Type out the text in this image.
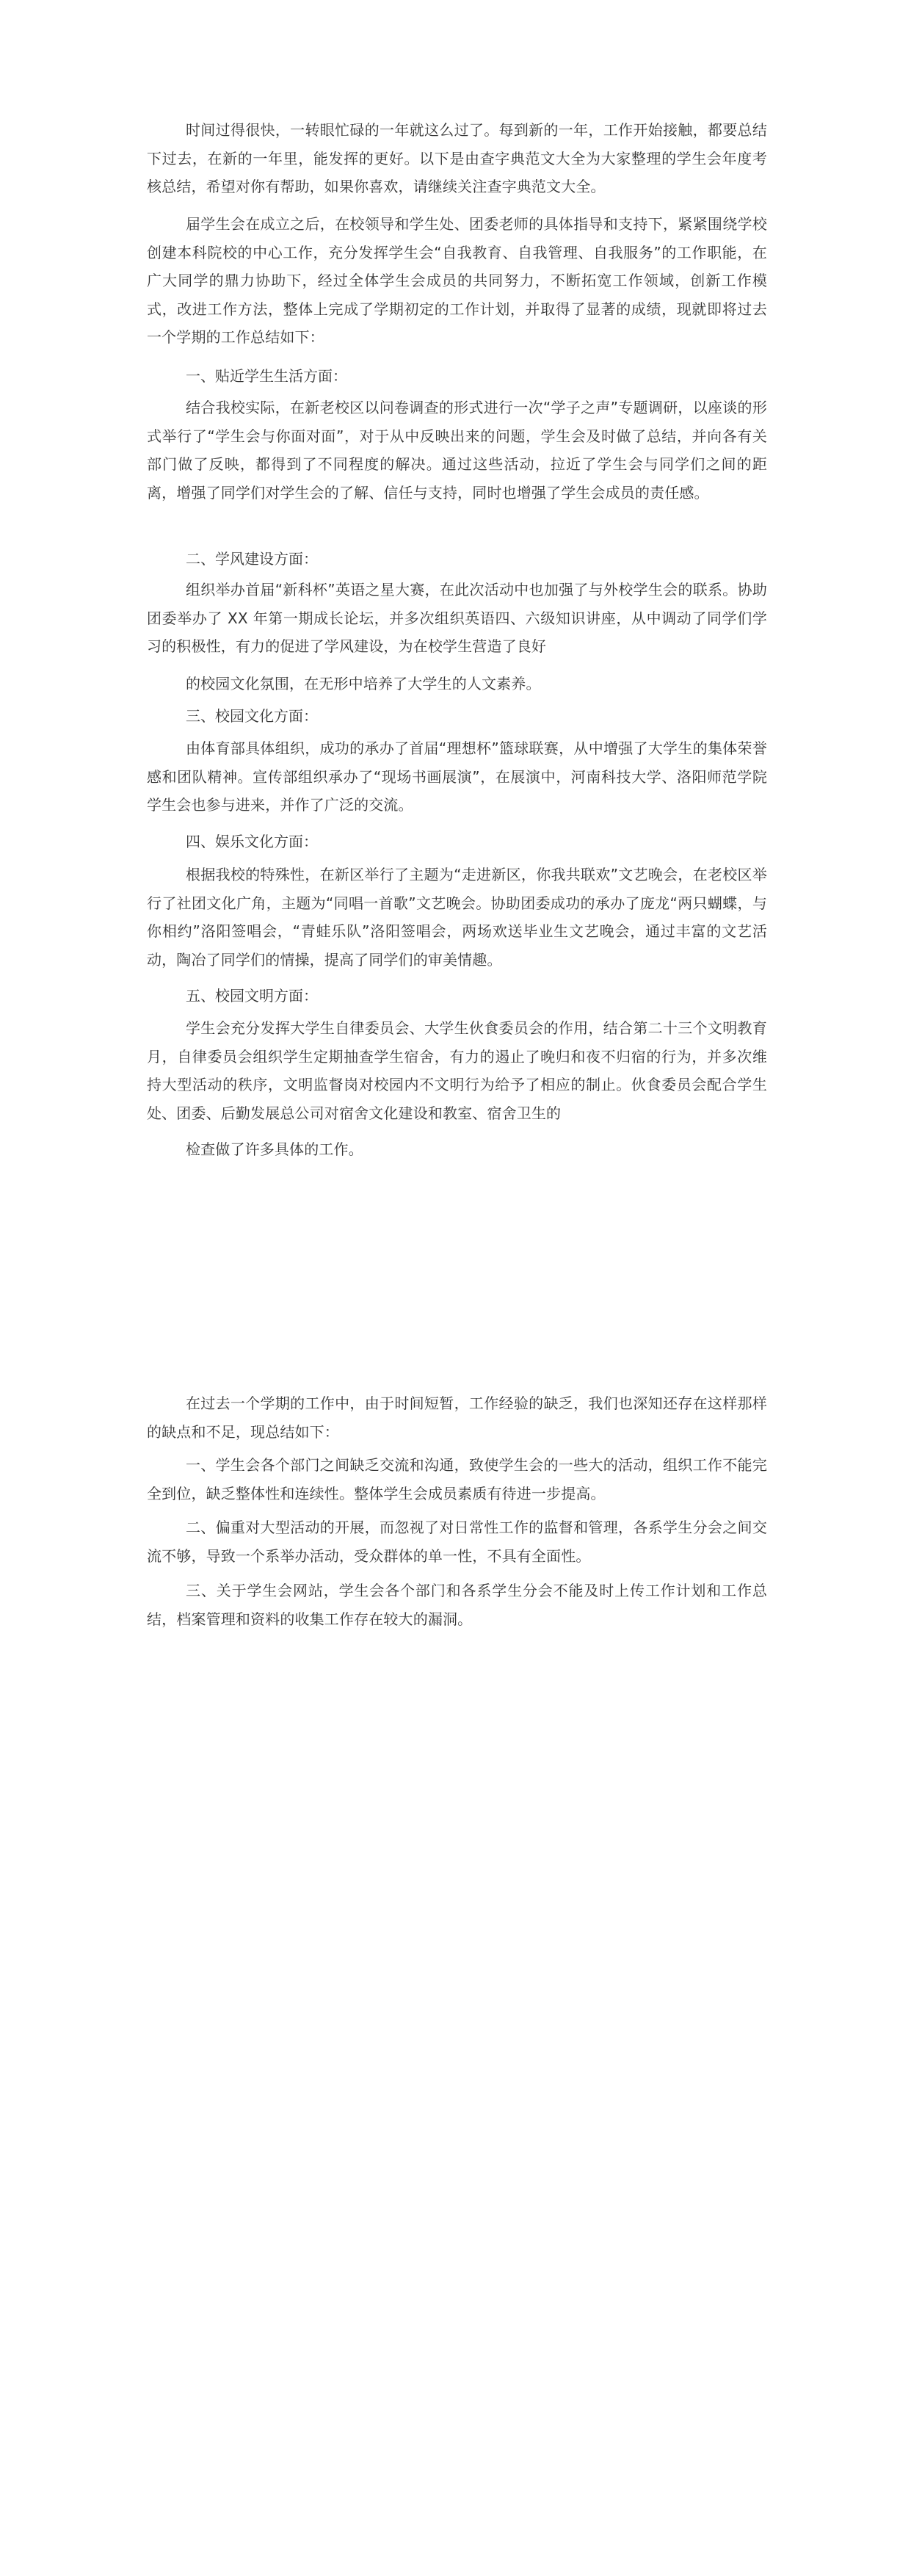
时间过得很快，一转眼忙碌的一年就这么过了。每到新的一年，工作开始接触，都要总结下过去，在新的一年里，能发挥的更好。以下是由查字典范文大全为大家整理的学生会年度考核总结，希望对你有帮助，如果你喜欢，请继续关注查字典范文大全。

届学生会在成立之后，在校领导和学生处、团委老师的具体指导和支持下，紧紧围绕学校创建本科院校的中心工作，充分发挥学生会“自我教育、自我管理、自我服务”的工作职能，在广大同学的鼎力协助下，经过全体学生会成员的共同努力，不断拓宽工作领域，创新工作模式，改进工作方法，整体上完成了学期初定的工作计划，并取得了显著的成绩，现就即将过去一个学期的工作总结如下：

一、贴近学生生活方面：

结合我校实际，在新老校区以问卷调查的形式进行一次“学子之声”专题调研，以座谈的形式举行了“学生会与你面对面”，对于从中反映出来的问题，学生会及时做了总结，并向各有关部门做了反映，都得到了不同程度的解决。通过这些活动，拉近了学生会与同学们之间的距离，增强了同学们对学生会的了解、信任与支持，同时也增强了学生会成员的责任感。

二、学风建设方面：

组织举办首届“新科杯”英语之星大赛，在此次活动中也加强了与外校学生会的联系。协助团委举办了 XX 年第一期成长论坛，并多次组织英语四、六级知识讲座，从中调动了同学们学习的积极性，有力的促进了学风建设，为在校学生营造了良好

的校园文化氛围，在无形中培养了大学生的人文素养。

三、校园文化方面：

由体育部具体组织，成功的承办了首届“理想杯”篮球联赛，从中增强了大学生的集体荣誉感和团队精神。宣传部组织承办了“现场书画展演”，在展演中，河南科技大学、洛阳师范学院学生会也参与进来，并作了广泛的交流。

四、娱乐文化方面：

根据我校的特殊性，在新区举行了主题为“走进新区，你我共联欢”文艺晚会，在老校区举行了社团文化广角，主题为“同唱一首歌”文艺晚会。协助团委成功的承办了庞龙“两只蝴蝶，与你相约”洛阳签唱会，“青蛙乐队”洛阳签唱会，两场欢送毕业生文艺晚会，通过丰富的文艺活动，陶冶了同学们的情操，提高了同学们的审美情趣。

五、校园文明方面：

学生会充分发挥大学生自律委员会、大学生伙食委员会的作用，结合第二十三个文明教育月，自律委员会组织学生定期抽查学生宿舍，有力的遏止了晚归和夜不归宿的行为，并多次维持大型活动的秩序，文明监督岗对校园内不文明行为给予了相应的制止。伙食委员会配合学生处、团委、后勤发展总公司对宿舍文化建设和教室、宿舍卫生的

检查做了许多具体的工作。

在过去一个学期的工作中，由于时间短暂，工作经验的缺乏，我们也深知还存在这样那样的缺点和不足，现总结如下：

一、学生会各个部门之间缺乏交流和沟通，致使学生会的一些大的活动，组织工作不能完全到位，缺乏整体性和连续性。整体学生会成员素质有待进一步提高。

二、偏重对大型活动的开展，而忽视了对日常性工作的监督和管理，各系学生分会之间交流不够，导致一个系举办活动，受众群体的单一性，不具有全面性。

三、关于学生会网站，学生会各个部门和各系学生分会不能及时上传工作计划和工作总结，档案管理和资料的收集工作存在较大的漏洞。
